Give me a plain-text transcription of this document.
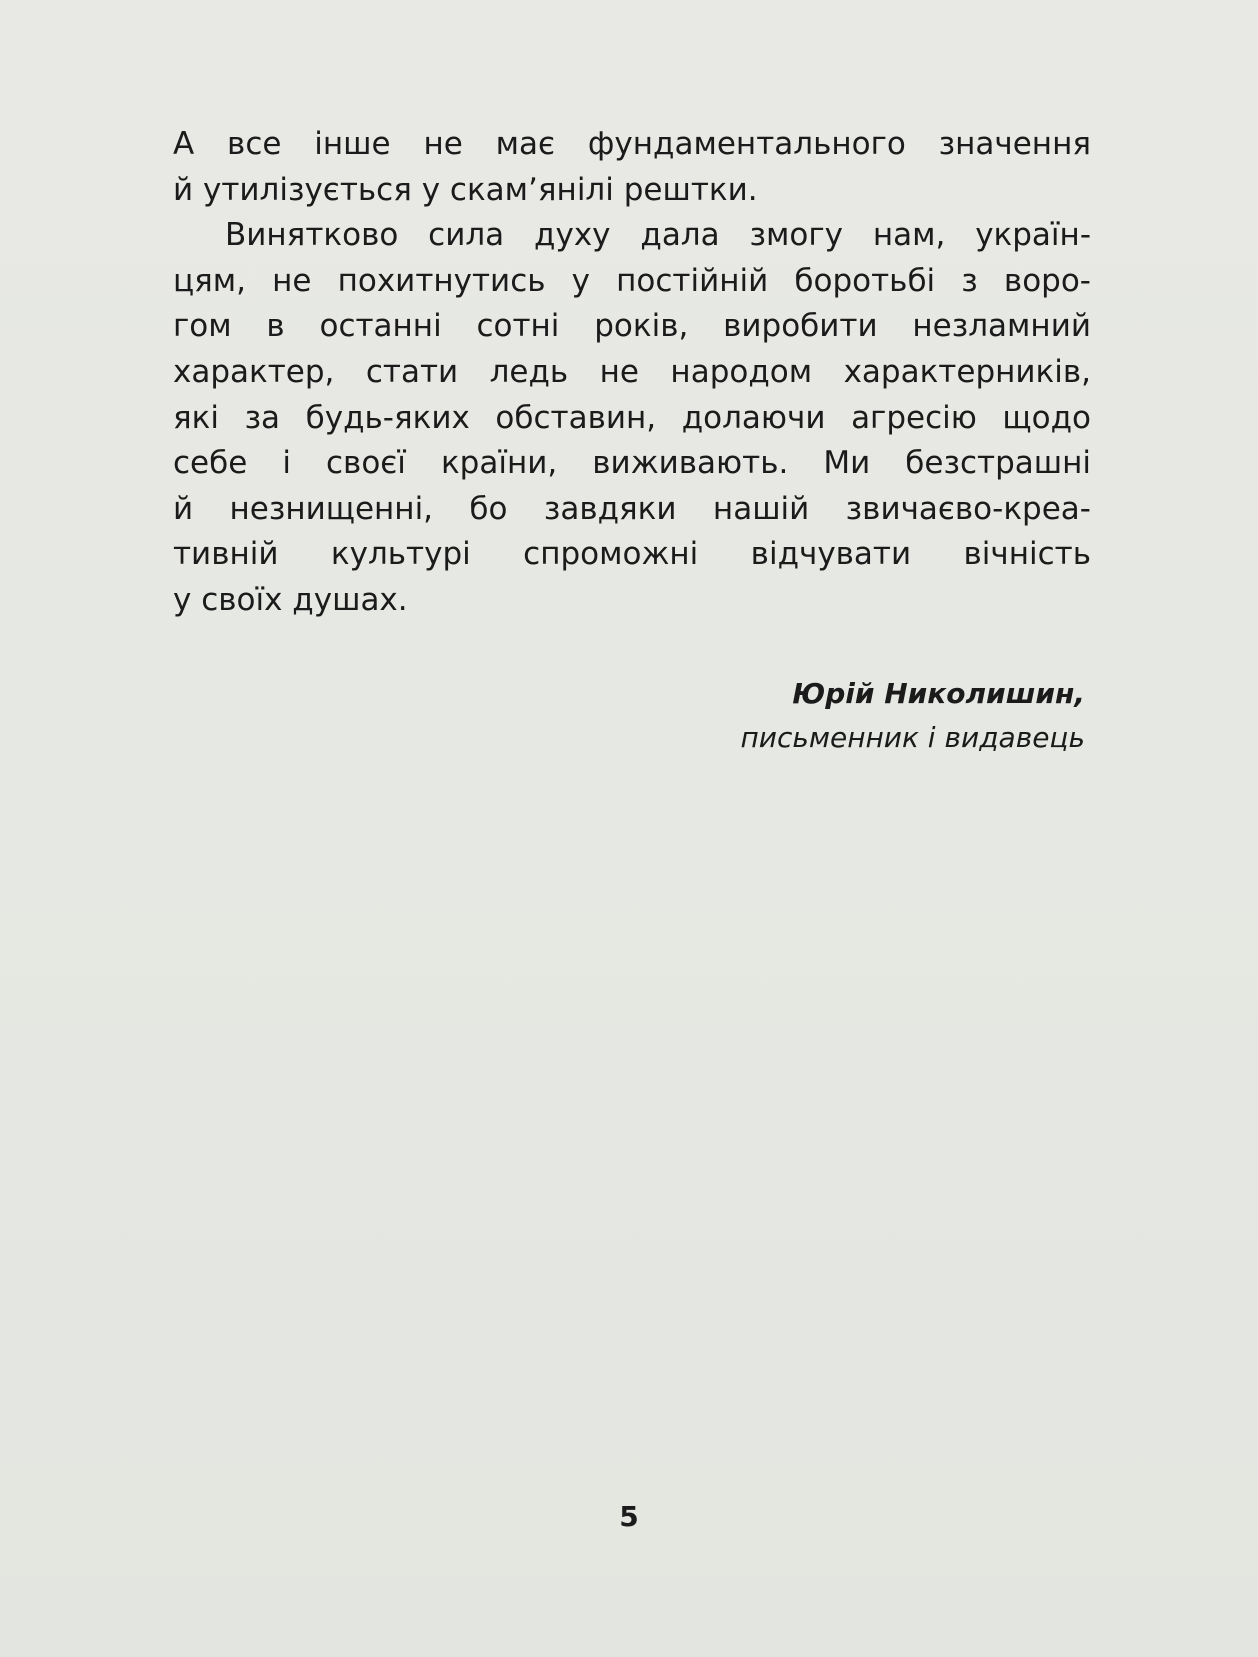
А все інше не має фундаментального значення
й утилізується у скам’янілі рештки.
Винятково сила духу дала змогу нам, україн-
цям, не похитнутись у постійній боротьбі з воро-
гом в останні сотні років, виробити незламний
характер, стати ледь не народом характерників,
які за будь-яких обставин, долаючи агресію щодо
себе і своєї країни, виживають. Ми безстрашні
й незнищенні, бо завдяки нашій звичаєво-креа-
тивній культурі спроможні відчувати вічність
у своїх душах.
Юрій Николишин,
письменник і видавець
5
